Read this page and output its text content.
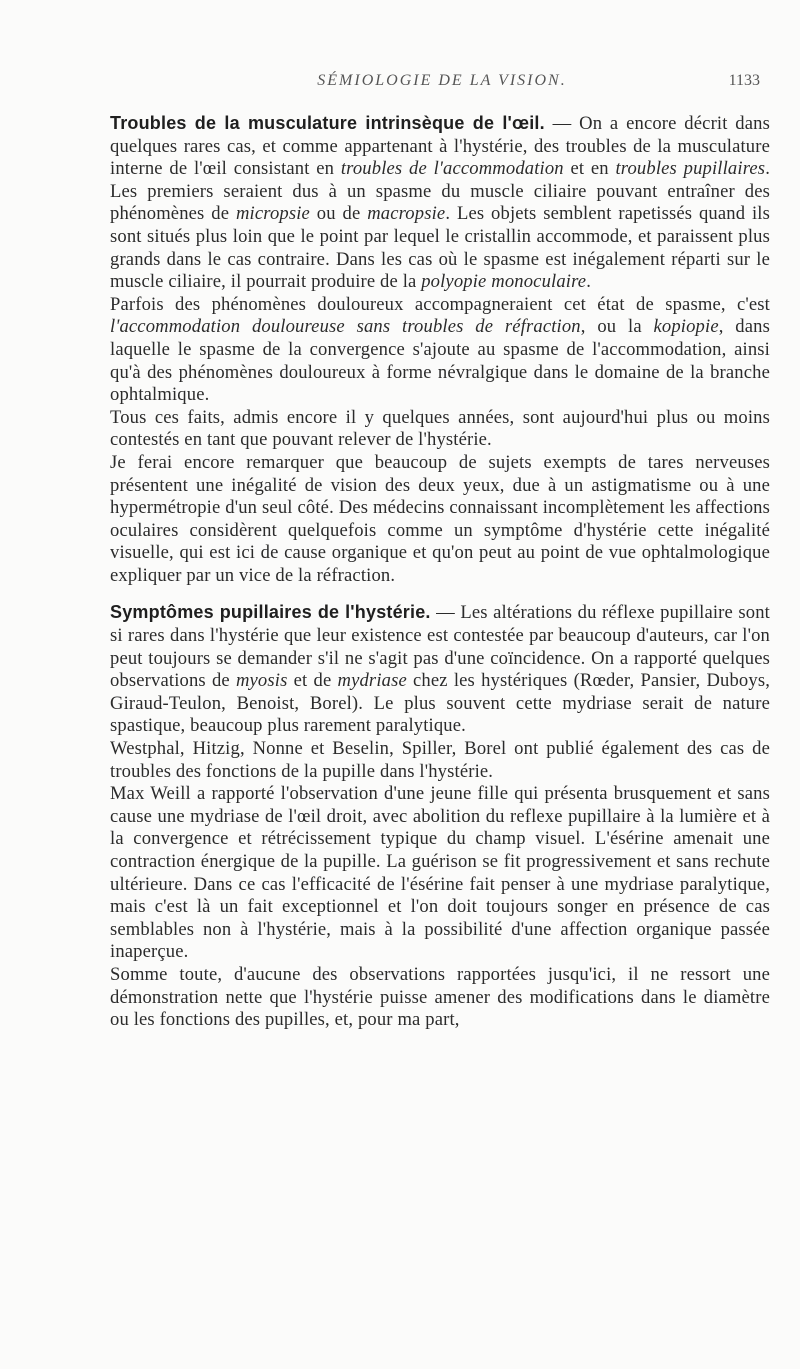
SÉMIOLOGIE DE LA VISION.	1133

Troubles de la musculature intrinsèque de l'œil. — On a encore décrit dans quelques rares cas, et comme appartenant à l'hystérie, des troubles de la musculature interne de l'œil consistant en troubles de l'accommodation et en troubles pupillaires. Les premiers seraient dus à un spasme du muscle ciliaire pouvant entraîner des phénomènes de micropsie ou de macropsie. Les objets semblent rapetissés quand ils sont situés plus loin que le point par lequel le cristallin accommode, et paraissent plus grands dans le cas contraire. Dans les cas où le spasme est inégalement réparti sur le muscle ciliaire, il pourrait produire de la polyopie monoculaire.

Parfois des phénomènes douloureux accompagneraient cet état de spasme, c'est l'accommodation douloureuse sans troubles de réfraction, ou la kopiopie, dans laquelle le spasme de la convergence s'ajoute au spasme de l'accommodation, ainsi qu'à des phénomènes douloureux à forme névralgique dans le domaine de la branche ophtalmique.

Tous ces faits, admis encore il y quelques années, sont aujourd'hui plus ou moins contestés en tant que pouvant relever de l'hystérie.

Je ferai encore remarquer que beaucoup de sujets exempts de tares nerveuses présentent une inégalité de vision des deux yeux, due à un astigmatisme ou à une hypermétropie d'un seul côté. Des médecins connaissant incomplètement les affections oculaires considèrent quelquefois comme un symptôme d'hystérie cette inégalité visuelle, qui est ici de cause organique et qu'on peut au point de vue ophtalmologique expliquer par un vice de la réfraction.

Symptômes pupillaires de l'hystérie. — Les altérations du réflexe pupillaire sont si rares dans l'hystérie que leur existence est contestée par beaucoup d'auteurs, car l'on peut toujours se demander s'il ne s'agit pas d'une coïncidence. On a rapporté quelques observations de myosis et de mydriase chez les hystériques (Rœder, Pansier, Duboys, Giraud-Teulon, Benoist, Borel). Le plus souvent cette mydriase serait de nature spastique, beaucoup plus rarement paralytique.

Westphal, Hitzig, Nonne et Beselin, Spiller, Borel ont publié également des cas de troubles des fonctions de la pupille dans l'hystérie.

Max Weill a rapporté l'observation d'une jeune fille qui présenta brusquement et sans cause une mydriase de l'œil droit, avec abolition du reflexe pupillaire à la lumière et à la convergence et rétrécissement typique du champ visuel. L'ésérine amenait une contraction énergique de la pupille. La guérison se fit progressivement et sans rechute ultérieure. Dans ce cas l'efficacité de l'ésérine fait penser à une mydriase paralytique, mais c'est là un fait exceptionnel et l'on doit toujours songer en présence de cas semblables non à l'hystérie, mais à la possibilité d'une affection organique passée inaperçue.

Somme toute, d'aucune des observations rapportées jusqu'ici, il ne ressort une démonstration nette que l'hystérie puisse amener des modifications dans le diamètre ou les fonctions des pupilles, et, pour ma part,
